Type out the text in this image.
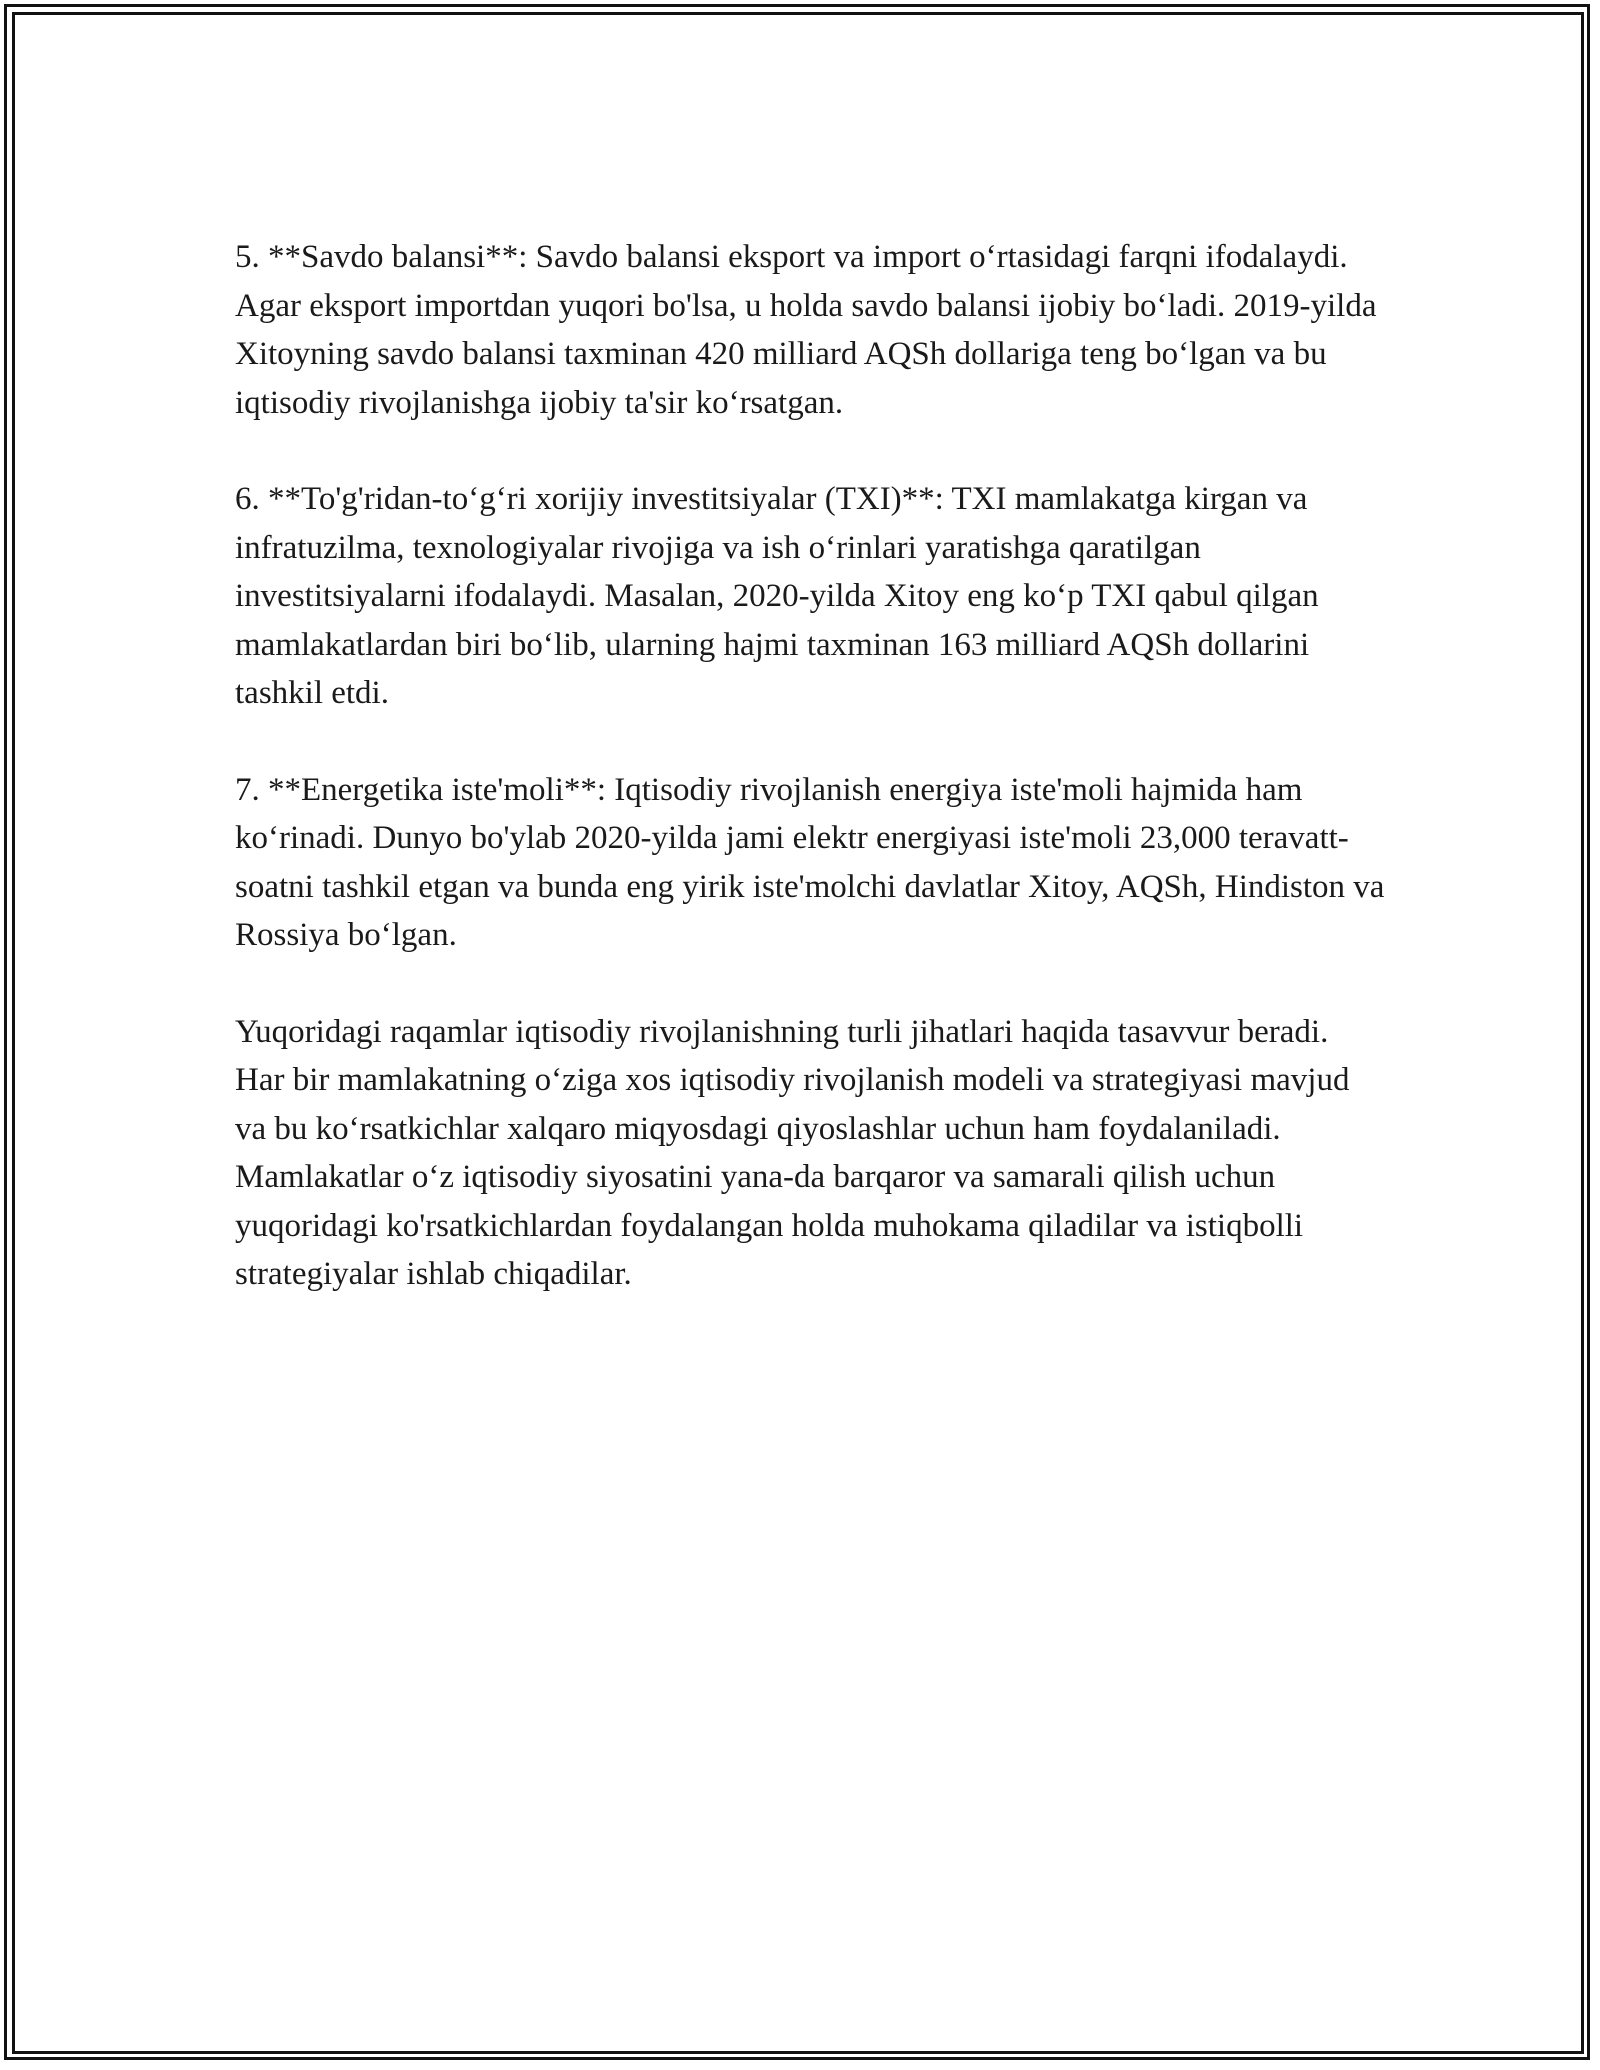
5. **Savdo balansi**: Savdo balansi eksport va import o‘rtasidagi farqni ifodalaydi. Agar eksport importdan yuqori bo'lsa, u holda savdo balansi ijobiy bo‘ladi. 2019-yilda Xitoyning savdo balansi taxminan 420 milliard AQSh dollariga teng bo‘lgan va bu iqtisodiy rivojlanishga ijobiy ta'sir ko‘rsatgan.

6. **To'g'ridan-to‘g‘ri xorijiy investitsiyalar (TXI)**: TXI mamlakatga kirgan va infratuzilma, texnologiyalar rivojiga va ish o‘rinlari yaratishga qaratilgan investitsiyalarni ifodalaydi. Masalan, 2020-yilda Xitoy eng ko‘p TXI qabul qilgan mamlakatlardan biri bo‘lib, ularning hajmi taxminan 163 milliard AQSh dollarini tashkil etdi.

7. **Energetika iste'moli**: Iqtisodiy rivojlanish energiya iste'moli hajmida ham ko‘rinadi. Dunyo bo'ylab 2020-yilda jami elektr energiyasi iste'moli 23,000 teravatt-soatni tashkil etgan va bunda eng yirik iste'molchi davlatlar Xitoy, AQSh, Hindiston va Rossiya bo‘lgan.

Yuqoridagi raqamlar iqtisodiy rivojlanishning turli jihatlari haqida tasavvur beradi. Har bir mamlakatning o‘ziga xos iqtisodiy rivojlanish modeli va strategiyasi mavjud va bu ko‘rsatkichlar xalqaro miqyosdagi qiyoslashlar uchun ham foydalaniladi. Mamlakatlar o‘z iqtisodiy siyosatini yana-da barqaror va samarali qilish uchun yuqoridagi ko'rsatkichlardan foydalangan holda muhokama qiladilar va istiqbolli strategiyalar ishlab chiqadilar.
